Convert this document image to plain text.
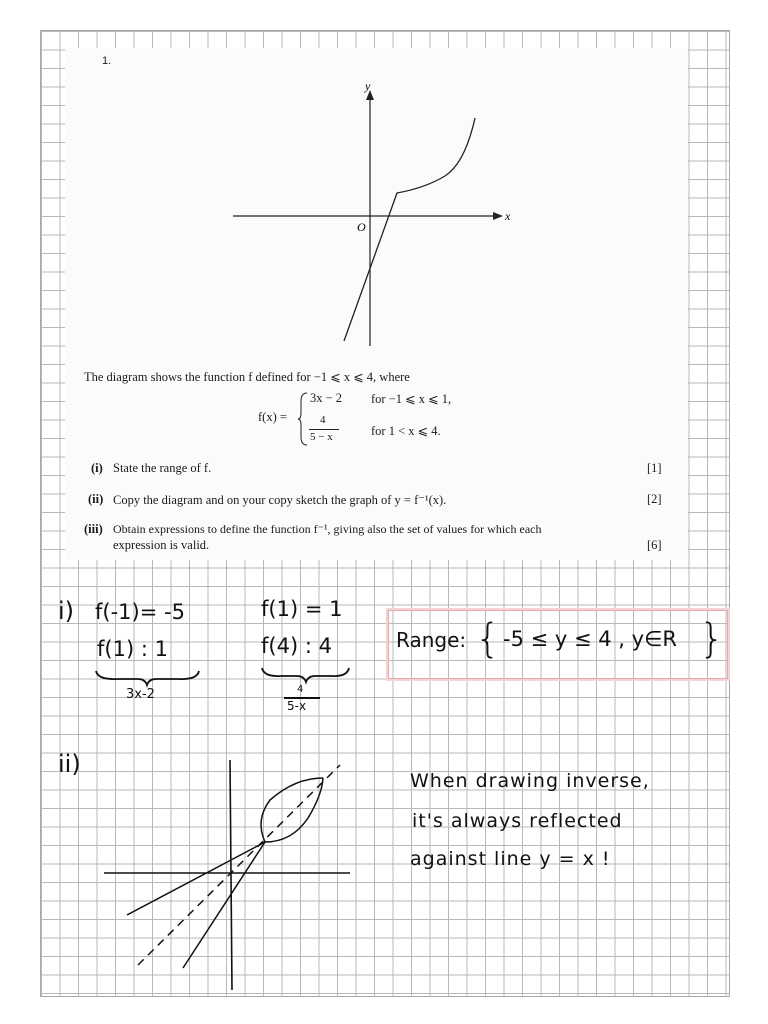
1.
y
x
O
The diagram shows the function f defined for −1 ⩽ x ⩽ 4, where
f(x) =
3x − 2 for −1 ⩽ x ⩽ 1,
4
5 − x	for 1 < x ⩽ 4.
(i) State the range of f.	[1]
(ii) Copy the diagram and on your copy sketch the graph of y = f⁻¹(x).	[2]
(iii) Obtain expressions to define the function f⁻¹, giving also the set of values for which each
expression is valid.	[6]
i) f(-1)= -5
f(1) : 1
3x-2
f(1) = 1
f(4) : 4
4
5-x
Range: { -5 ≤ y ≤ 4 , y∈R }
ii)
When drawing inverse,
it's always reflected
against line y = x !
